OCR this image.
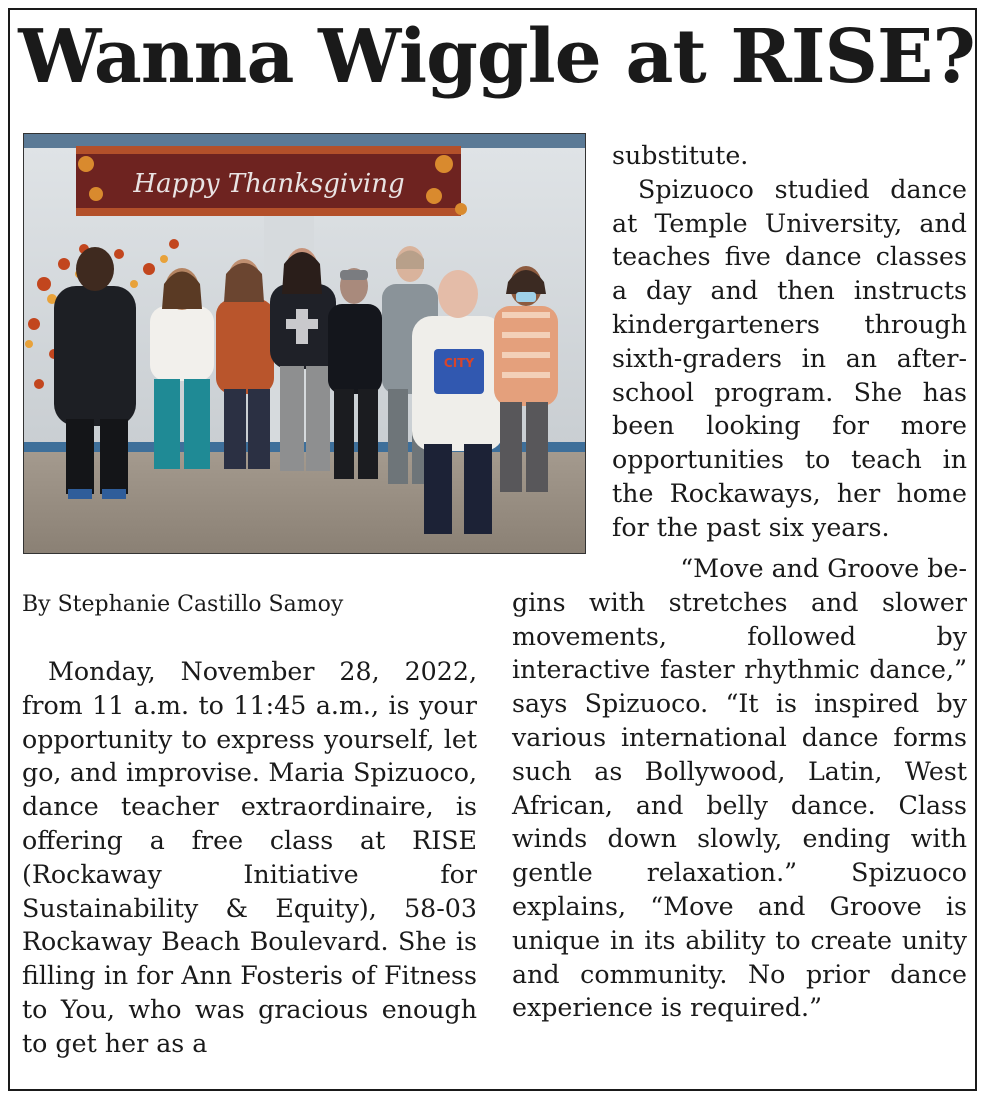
Wanna Wiggle at RISE?
Happy Thanksgiving
CITY

By Stephanie Castillo Samoy

Monday, November 28, 2022, from 11 a.m. to 11:45 a.m., is your opportunity to express yourself, let go, and improvise. Maria Spizuoco, dance teacher extraordinaire, is offering a free class at RISE (Rockaway Initiative for Sustainability & Equity), 58-03 Rockaway Beach Boulevard. She is filling in for Ann Fosteris of Fitness to You, who was gracious enough to get her as a

substitute.

Spizuoco studied dance at Temple University, and teaches five dance classes a day and then instructs kindergarteners through sixth-graders in an after-school program. She has been looking for more opportunities to teach in the Rockaways, her home for the past six years.

“Move and Groove be-

gins with stretches and slower movements, followed by interactive faster rhythmic dance,” says Spizuoco. “It is inspired by various international dance forms such as Bollywood, Latin, West African, and belly dance. Class winds down slowly, ending with gentle relaxation.” Spizuoco explains, “Move and Groove is unique in its ability to create unity and community. No prior dance experience is required.”
